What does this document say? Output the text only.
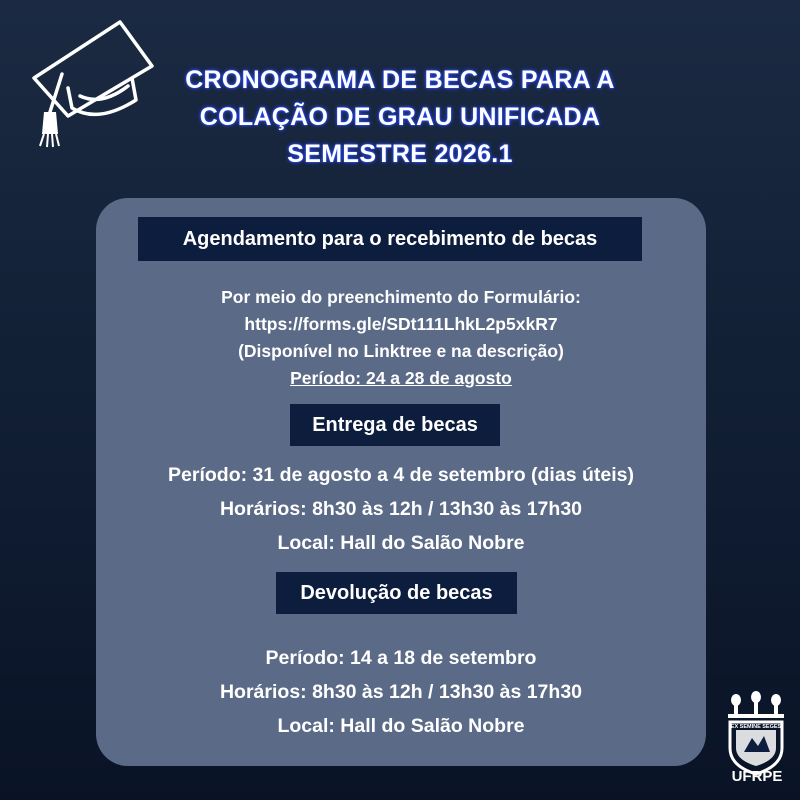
CRONOGRAMA DE BECAS PARA A
COLAÇÃO DE GRAU UNIFICADA
SEMESTRE 2026.1
Agendamento para o recebimento de becas
Por meio do preenchimento do Formulário:
https://forms.gle/SDt111LhkL2p5xkR7
(Disponível no Linktree e na descrição)
Período: 24 a 28 de agosto
Entrega de becas
Período: 31 de agosto a 4 de setembro (dias úteis)
Horários: 8h30 às 12h / 13h30 às 17h30
Local: Hall do Salão Nobre
Devolução de becas
Período: 14 a 18 de setembro
Horários: 8h30 às 12h / 13h30 às 17h30
Local: Hall do Salão Nobre	EX SEMINE SEGES
UFRPE
